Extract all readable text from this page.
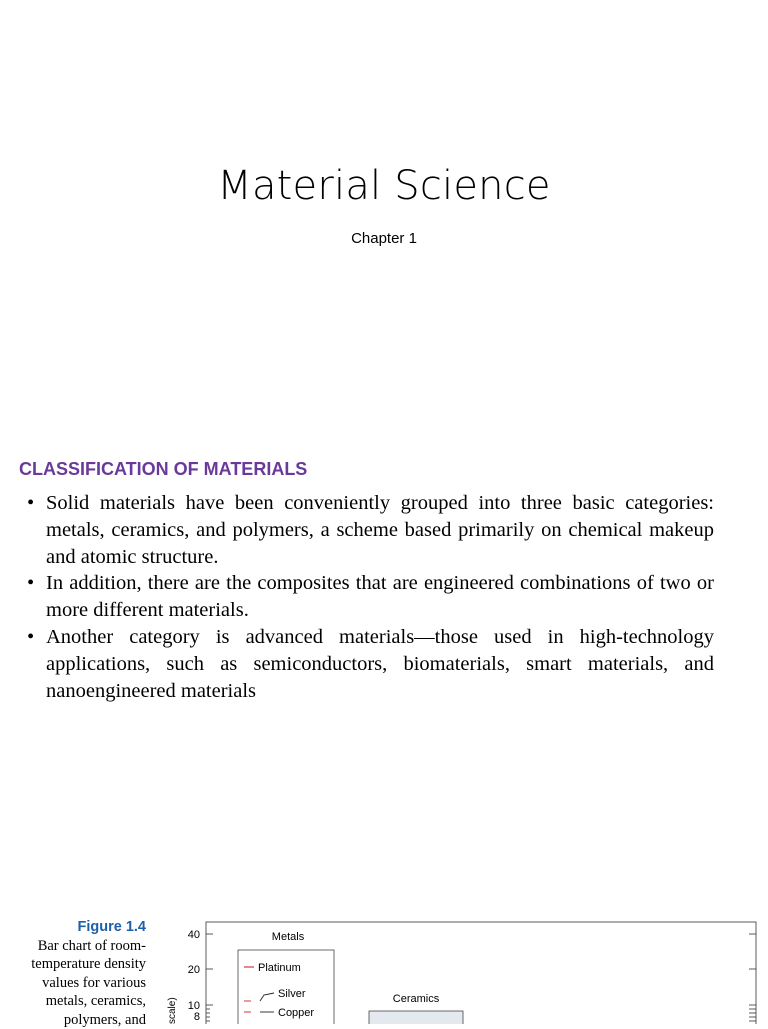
Material Science
Chapter 1
CLASSIFICATION OF MATERIALS
• Solid materials have been conveniently grouped into three basic categories: metals, ceramics, and polymers, a scheme based primarily on chemical makeup and atomic structure.
• In addition, there are the composites that are engineered combinations of two or more different materials.
• Another category is advanced materials—those used in high-technology applications, such as semiconductors, biomaterials, smart materials, and nanoengineered materials
Figure 1.4
Bar chart of room-
temperature density
values for various
metals, ceramics,
polymers, and scale)
40
20
10
8
Metals
Platinum
Silver
Copper
Ceramics
